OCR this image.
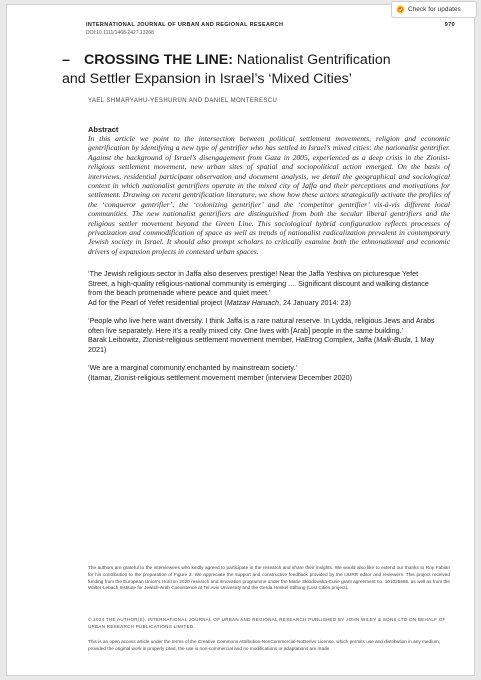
Check for updates
INTERNATIONAL JOURNAL OF URBAN AND REGIONAL RESEARCH	970
DOI:10.1111/1468-2427.13268
– CROSSING THE LINE: Nationalist Gentrification
and Settler Expansion in Israel’s ‘Mixed Cities’
YAEL SHMARYAHU-YESHURUN AND DANIEL MONTERESCU
Abstract
In this article we point to the intersection between political settlement movements, religion and economic gentrification by identifying a new type of gentrifier who has settled in Israel’s mixed cities: the nationalist gentrifier. Against the background of Israel’s disengagement from Gaza in 2005, experienced as a deep crisis in the Zionist-religious settlement movement, new urban sites of spatial and sociopolitical action emerged. On the basis of interviews, residential participant observation and document analysis, we detail the geographical and sociological context in which nationalist gentrifiers operate in the mixed city of Jaffa and their perceptions and motivations for settlement. Drawing on recent gentrification literature, we show how these actors strategically activate the profiles of the ‘conqueror gentrifier’, the ‘colonizing gentrifier’ and the ‘competitor gentrifier’ vis-à-vis different local communities. The new nationalist gentrifiers are distinguished from both the secular liberal gentrifiers and the religious settler movement beyond the Green Line. This sociological hybrid configuration reflects processes of privatization and commodification of space as well as trends of nationalist radicalization prevalent in contemporary Jewish society in Israel. It should also prompt scholars to critically examine both the ethnonational and economic drivers of expansion projects in contested urban spaces.

‘The Jewish religious sector in Jaffa also deserves prestige! Near the Jaffa Yeshiva on picturesque Yefet Street, a high-quality religious-national community is emerging .... Significant discount and walking distance from the beach promenade where peace and quiet meet.’

Ad for the Pearl of Yefet residential project (Matzav Haruach, 24 January 2014: 23)

‘People who live here want diversity. I think Jaffa is a rare natural reserve. In Lydda, religious Jews and Arabs often live separately. Here it’s a really mixed city. One lives with [Arab] people in the same building.’

Barak Leibowitz, Zionist-religious settlement movement member, HaEtrog Complex, Jaffa (Malk-Buda, 1 May 2021)

‘We are a marginal community enchanted by mainstream society.’

(Itamar, Zionist-religious settlement movement member (interview December 2020)

The authors are grateful to the interviewees who kindly agreed to participate in the research and share their insights. We would also like to extend our thanks to Roy Fabian for his contribution to the preparation of Figure 2. We appreciate the support and constructive feedback provided by the IJURR editor and reviewers. This project received funding from the European Union’s Horizon 2020 research and innovation programme under the Marie Skłodowska-Curie grant agreement no. 101025665, as well as from the Walter-Lebach Institute for Jewish-Arab Coexistence at Tel Aviv University and the Gerda Henkel Stiftung (Lost Cities project).
© 2024 THE AUTHOR(S). INTERNATIONAL JOURNAL OF URBAN AND REGIONAL RESEARCH PUBLISHED BY JOHN WILEY & SONS LTD ON BEHALF OF URBAN RESEARCH PUBLICATIONS LIMITED.
This is an open access article under the terms of the Creative Commons Attribution-NonCommercial-NoDerivs License, which permits use and distribution in any medium, provided the original work is properly cited, the use is non-commercial and no modifications or adaptations are made.
